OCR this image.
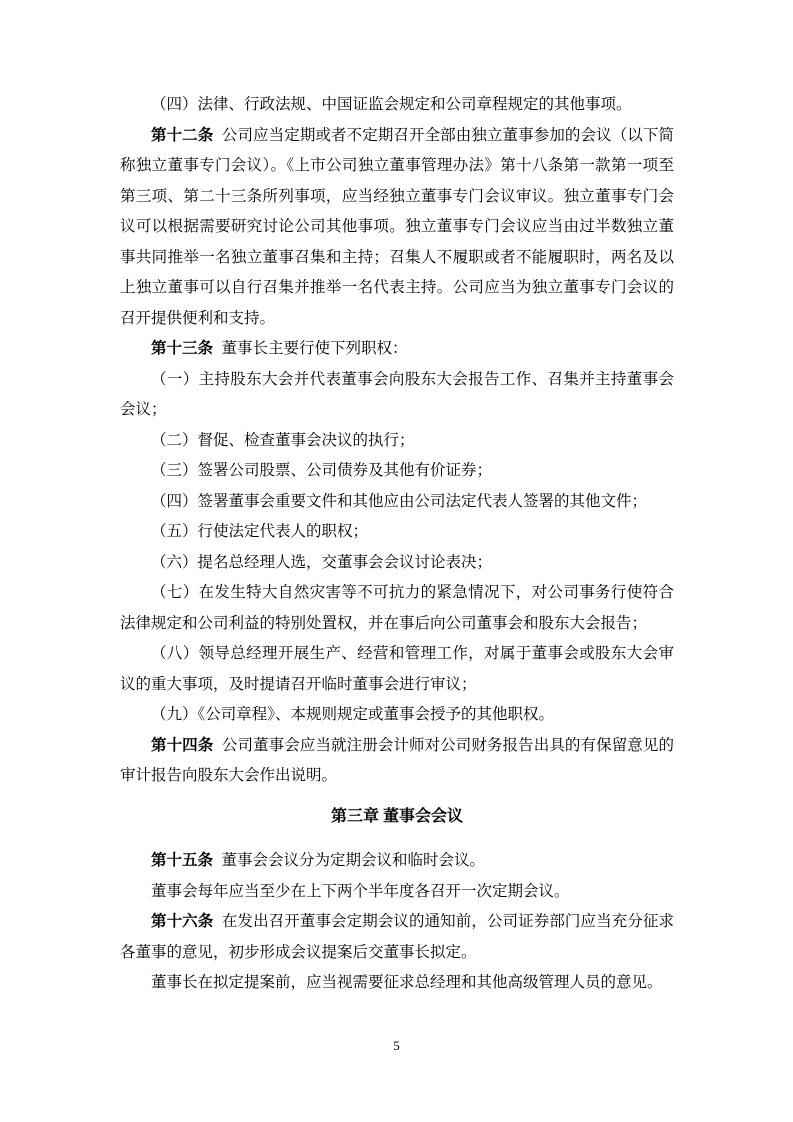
（四）法律、行政法规、中国证监会规定和公司章程规定的其他事项。

第十二条 公司应当定期或者不定期召开全部由独立董事参加的会议（以下简称独立董事专门会议）。《上市公司独立董事管理办法》第十八条第一款第一项至第三项、第二十三条所列事项，应当经独立董事专门会议审议。独立董事专门会议可以根据需要研究讨论公司其他事项。独立董事专门会议应当由过半数独立董事共同推举一名独立董事召集和主持；召集人不履职或者不能履职时，两名及以上独立董事可以自行召集并推举一名代表主持。公司应当为独立董事专门会议的召开提供便利和支持。

第十三条 董事长主要行使下列职权：

（一）主持股东大会并代表董事会向股东大会报告工作、召集并主持董事会会议；

（二）督促、检查董事会决议的执行；

（三）签署公司股票、公司债券及其他有价证券；

（四）签署董事会重要文件和其他应由公司法定代表人签署的其他文件；

（五）行使法定代表人的职权；

（六）提名总经理人选，交董事会会议讨论表决；

（七）在发生特大自然灾害等不可抗力的紧急情况下，对公司事务行使符合法律规定和公司利益的特别处置权，并在事后向公司董事会和股东大会报告；

（八）领导总经理开展生产、经营和管理工作，对属于董事会或股东大会审议的重大事项，及时提请召开临时董事会进行审议；

（九）《公司章程》、本规则规定或董事会授予的其他职权。

第十四条 公司董事会应当就注册会计师对公司财务报告出具的有保留意见的审计报告向股东大会作出说明。

第三章 董事会会议

第十五条 董事会会议分为定期会议和临时会议。

董事会每年应当至少在上下两个半年度各召开一次定期会议。

第十六条 在发出召开董事会定期会议的通知前，公司证券部门应当充分征求各董事的意见，初步形成会议提案后交董事长拟定。

董事长在拟定提案前，应当视需要征求总经理和其他高级管理人员的意见。

5
